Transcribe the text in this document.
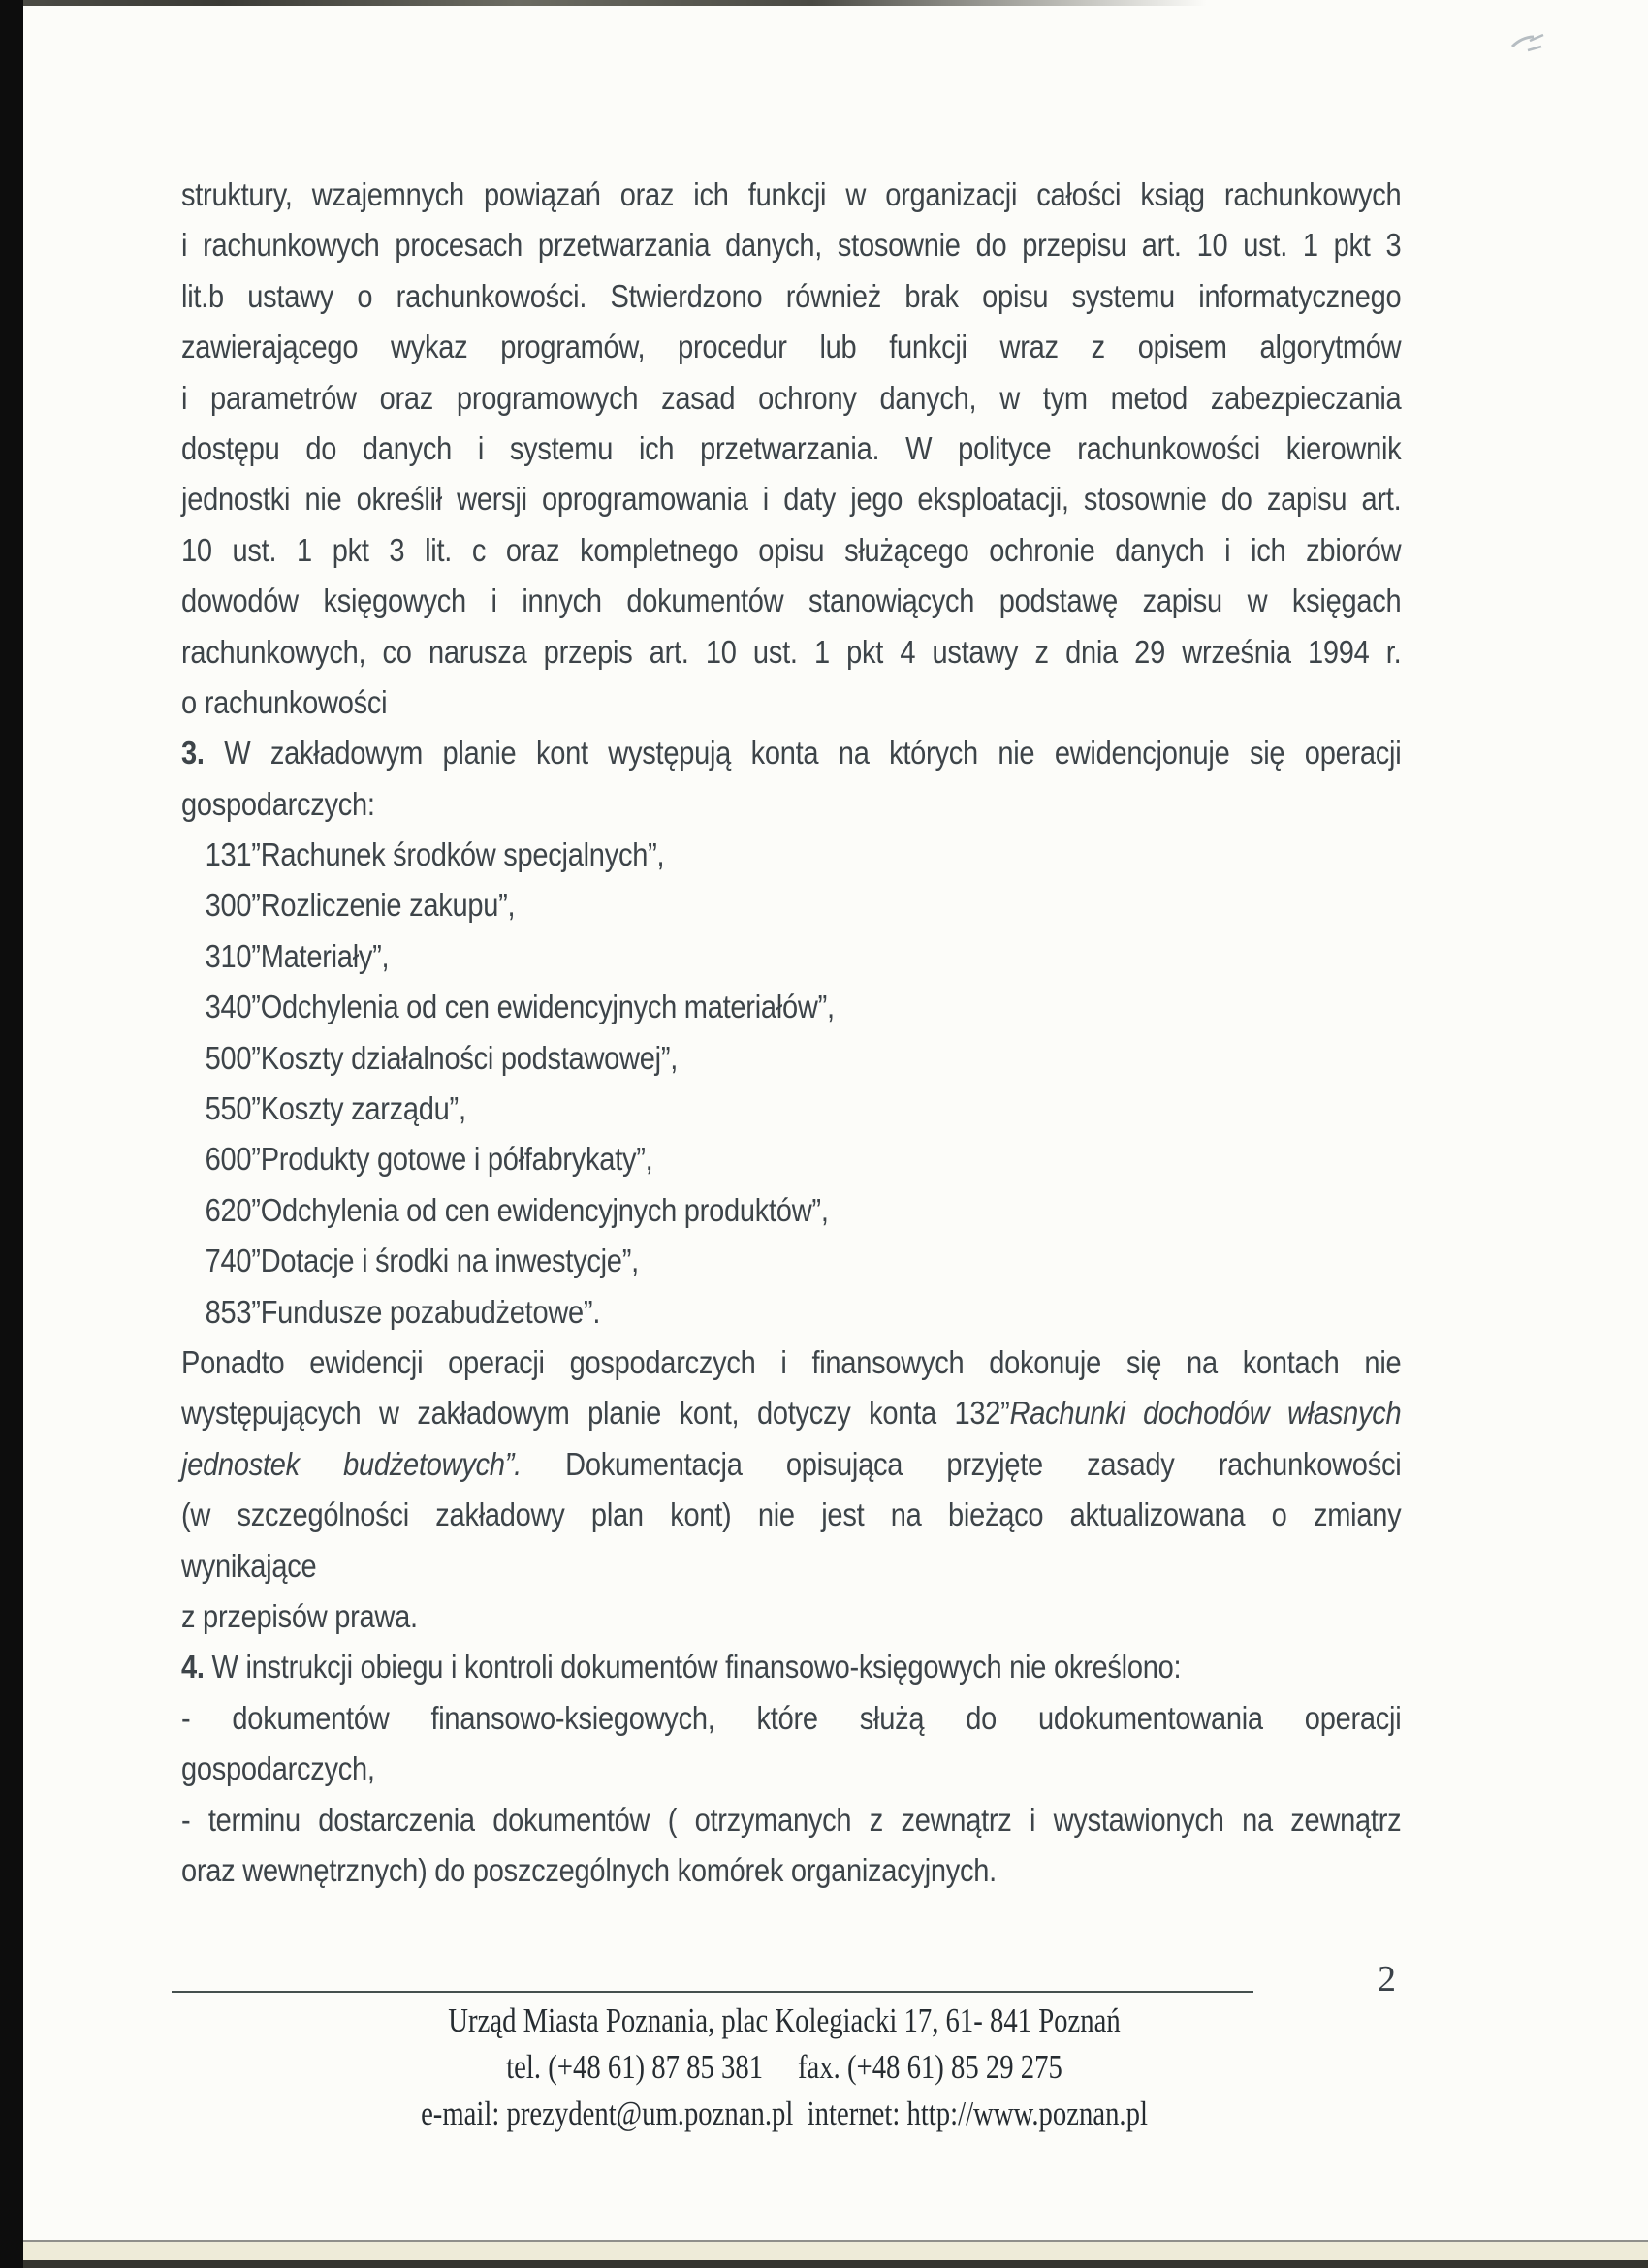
struktury, wzajemnych powiązań oraz ich funkcji w organizacji całości ksiąg rachunkowych
i rachunkowych procesach przetwarzania danych, stosownie do przepisu art. 10 ust. 1 pkt 3
lit.b ustawy o rachunkowości. Stwierdzono również brak opisu systemu informatycznego
zawierającego wykaz programów, procedur lub funkcji wraz z opisem algorytmów
i parametrów oraz programowych zasad ochrony danych, w tym metod zabezpieczania
dostępu do danych i systemu ich przetwarzania. W polityce rachunkowości kierownik
jednostki nie określił wersji oprogramowania i daty jego eksploatacji, stosownie do zapisu art.
10 ust. 1 pkt 3 lit. c oraz kompletnego opisu służącego ochronie danych i ich zbiorów
dowodów księgowych i innych dokumentów stanowiących podstawę zapisu w księgach
rachunkowych, co narusza przepis art. 10 ust. 1 pkt 4 ustawy z dnia 29 września 1994 r.
o rachunkowości
3. W zakładowym planie kont występują konta na których nie ewidencjonuje się operacji
gospodarczych:
131”Rachunek środków specjalnych”,
300”Rozliczenie zakupu”,
310”Materiały”,
340”Odchylenia od cen ewidencyjnych materiałów”,
500”Koszty działalności podstawowej”,
550”Koszty zarządu”,
600”Produkty gotowe i półfabrykaty”,
620”Odchylenia od cen ewidencyjnych produktów”,
740”Dotacje i środki na inwestycje”,
853”Fundusze pozabudżetowe”.
Ponadto ewidencji operacji gospodarczych i finansowych dokonuje się na kontach nie
występujących w zakładowym planie kont, dotyczy konta 132”Rachunki dochodów własnych
jednostek budżetowych”. Dokumentacja opisująca przyjęte zasady rachunkowości
(w szczególności zakładowy plan kont) nie jest na bieżąco aktualizowana o zmiany
wynikające
z przepisów prawa.
4. W instrukcji obiegu i kontroli dokumentów finansowo-księgowych nie określono:
- dokumentów finansowo-ksiegowych, które służą do udokumentowania operacji
gospodarczych,
- terminu dostarczenia dokumentów ( otrzymanych z zewnątrz i wystawionych na zewnątrz
oraz wewnętrznych) do poszczególnych komórek organizacyjnych.
2
Urząd Miasta Poznania, plac Kolegiacki 17, 61- 841 Poznań
tel. (+48 61) 87 85 381     fax. (+48 61) 85 29 275
e-mail: prezydent@um.poznan.pl  internet: http://www.poznan.pl
